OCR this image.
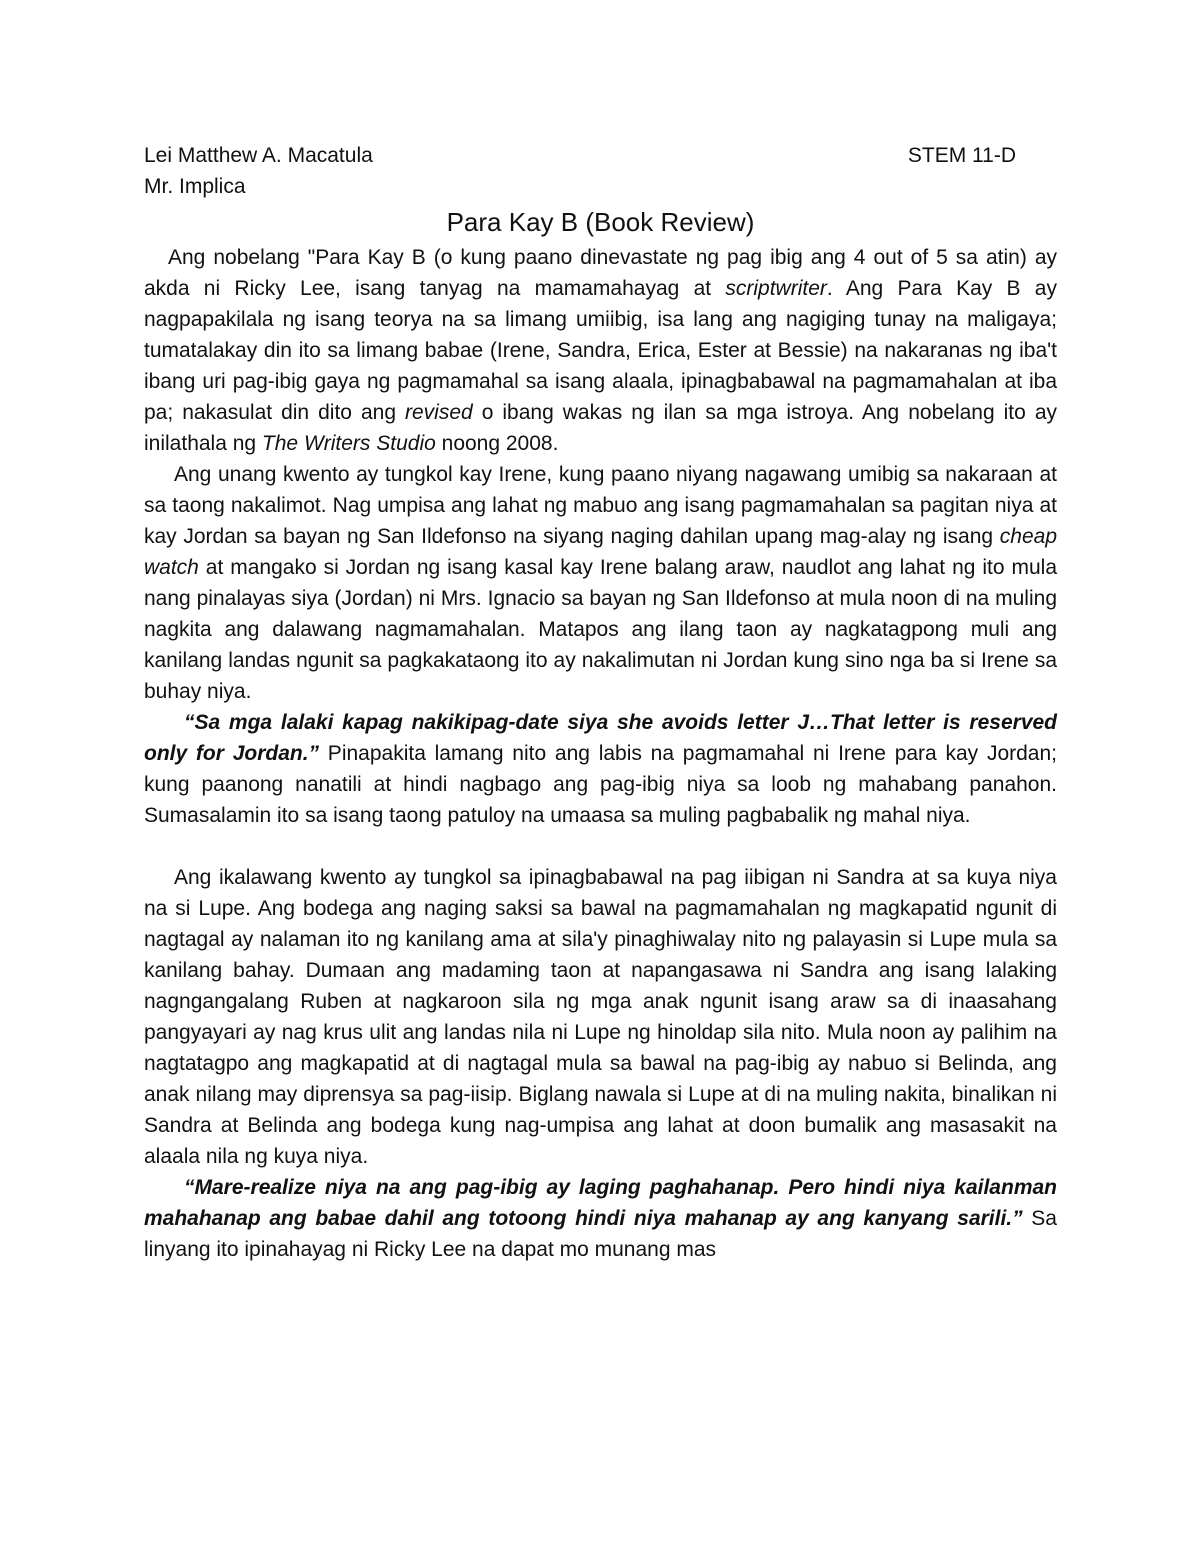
Lei Matthew A. Macatula	STEM 11-D
Mr. Implica
Para Kay B (Book Review)

Ang nobelang "Para Kay B (o kung paano dinevastate ng pag ibig ang 4 out of 5 sa atin) ay akda ni Ricky Lee, isang tanyag na mamamahayag at scriptwriter. Ang Para Kay B ay nagpapakilala ng isang teorya na sa limang umiibig, isa lang ang nagiging tunay na maligaya; tumatalakay din ito sa limang babae (Irene, Sandra, Erica, Ester at Bessie) na nakaranas ng iba't ibang uri pag-ibig gaya ng pagmamahal sa isang alaala, ipinagbabawal na pagmamahalan at iba pa; nakasulat din dito ang revised o ibang wakas ng ilan sa mga istroya. Ang nobelang ito ay inilathala ng The Writers Studio noong 2008.

Ang unang kwento ay tungkol kay Irene, kung paano niyang nagawang umibig sa nakaraan at sa taong nakalimot. Nag umpisa ang lahat ng mabuo ang isang pagmamahalan sa pagitan niya at kay Jordan sa bayan ng San Ildefonso na siyang naging dahilan upang mag-alay ng isang cheap watch at mangako si Jordan ng isang kasal kay Irene balang araw, naudlot ang lahat ng ito mula nang pinalayas siya (Jordan) ni Mrs. Ignacio sa bayan ng San Ildefonso at mula noon di na muling nagkita ang dalawang nagmamahalan. Matapos ang ilang taon ay nagkatagpong muli ang kanilang landas ngunit sa pagkakataong ito ay nakalimutan ni Jordan kung sino nga ba si Irene sa buhay niya.

“Sa mga lalaki kapag nakikipag-date siya she avoids letter J…That letter is reserved only for Jordan.” Pinapakita lamang nito ang labis na pagmamahal ni Irene para kay Jordan; kung paanong nanatili at hindi nagbago ang pag-ibig niya sa loob ng mahabang panahon. Sumasalamin ito sa isang taong patuloy na umaasa sa muling pagbabalik ng mahal niya.

Ang ikalawang kwento ay tungkol sa ipinagbabawal na pag iibigan ni Sandra at sa kuya niya na si Lupe. Ang bodega ang naging saksi sa bawal na pagmamahalan ng magkapatid ngunit di nagtagal ay nalaman ito ng kanilang ama at sila'y pinaghiwalay nito ng palayasin si Lupe mula sa kanilang bahay. Dumaan ang madaming taon at napangasawa ni Sandra ang isang lalaking nagngangalang Ruben at nagkaroon sila ng mga anak ngunit isang araw sa di inaasahang pangyayari ay nag krus ulit ang landas nila ni Lupe ng hinoldap sila nito. Mula noon ay palihim na nagtatagpo ang magkapatid at di nagtagal mula sa bawal na pag-ibig ay nabuo si Belinda, ang anak nilang may diprensya sa pag-iisip. Biglang nawala si Lupe at di na muling nakita, binalikan ni Sandra at Belinda ang bodega kung nag-umpisa ang lahat at doon bumalik ang masasakit na alaala nila ng kuya niya.

“Mare-realize niya na ang pag-ibig ay laging paghahanap. Pero hindi niya kailanman mahahanap ang babae dahil ang totoong hindi niya mahanap ay ang kanyang sarili.” Sa linyang ito ipinahayag ni Ricky Lee na dapat mo munang mas
